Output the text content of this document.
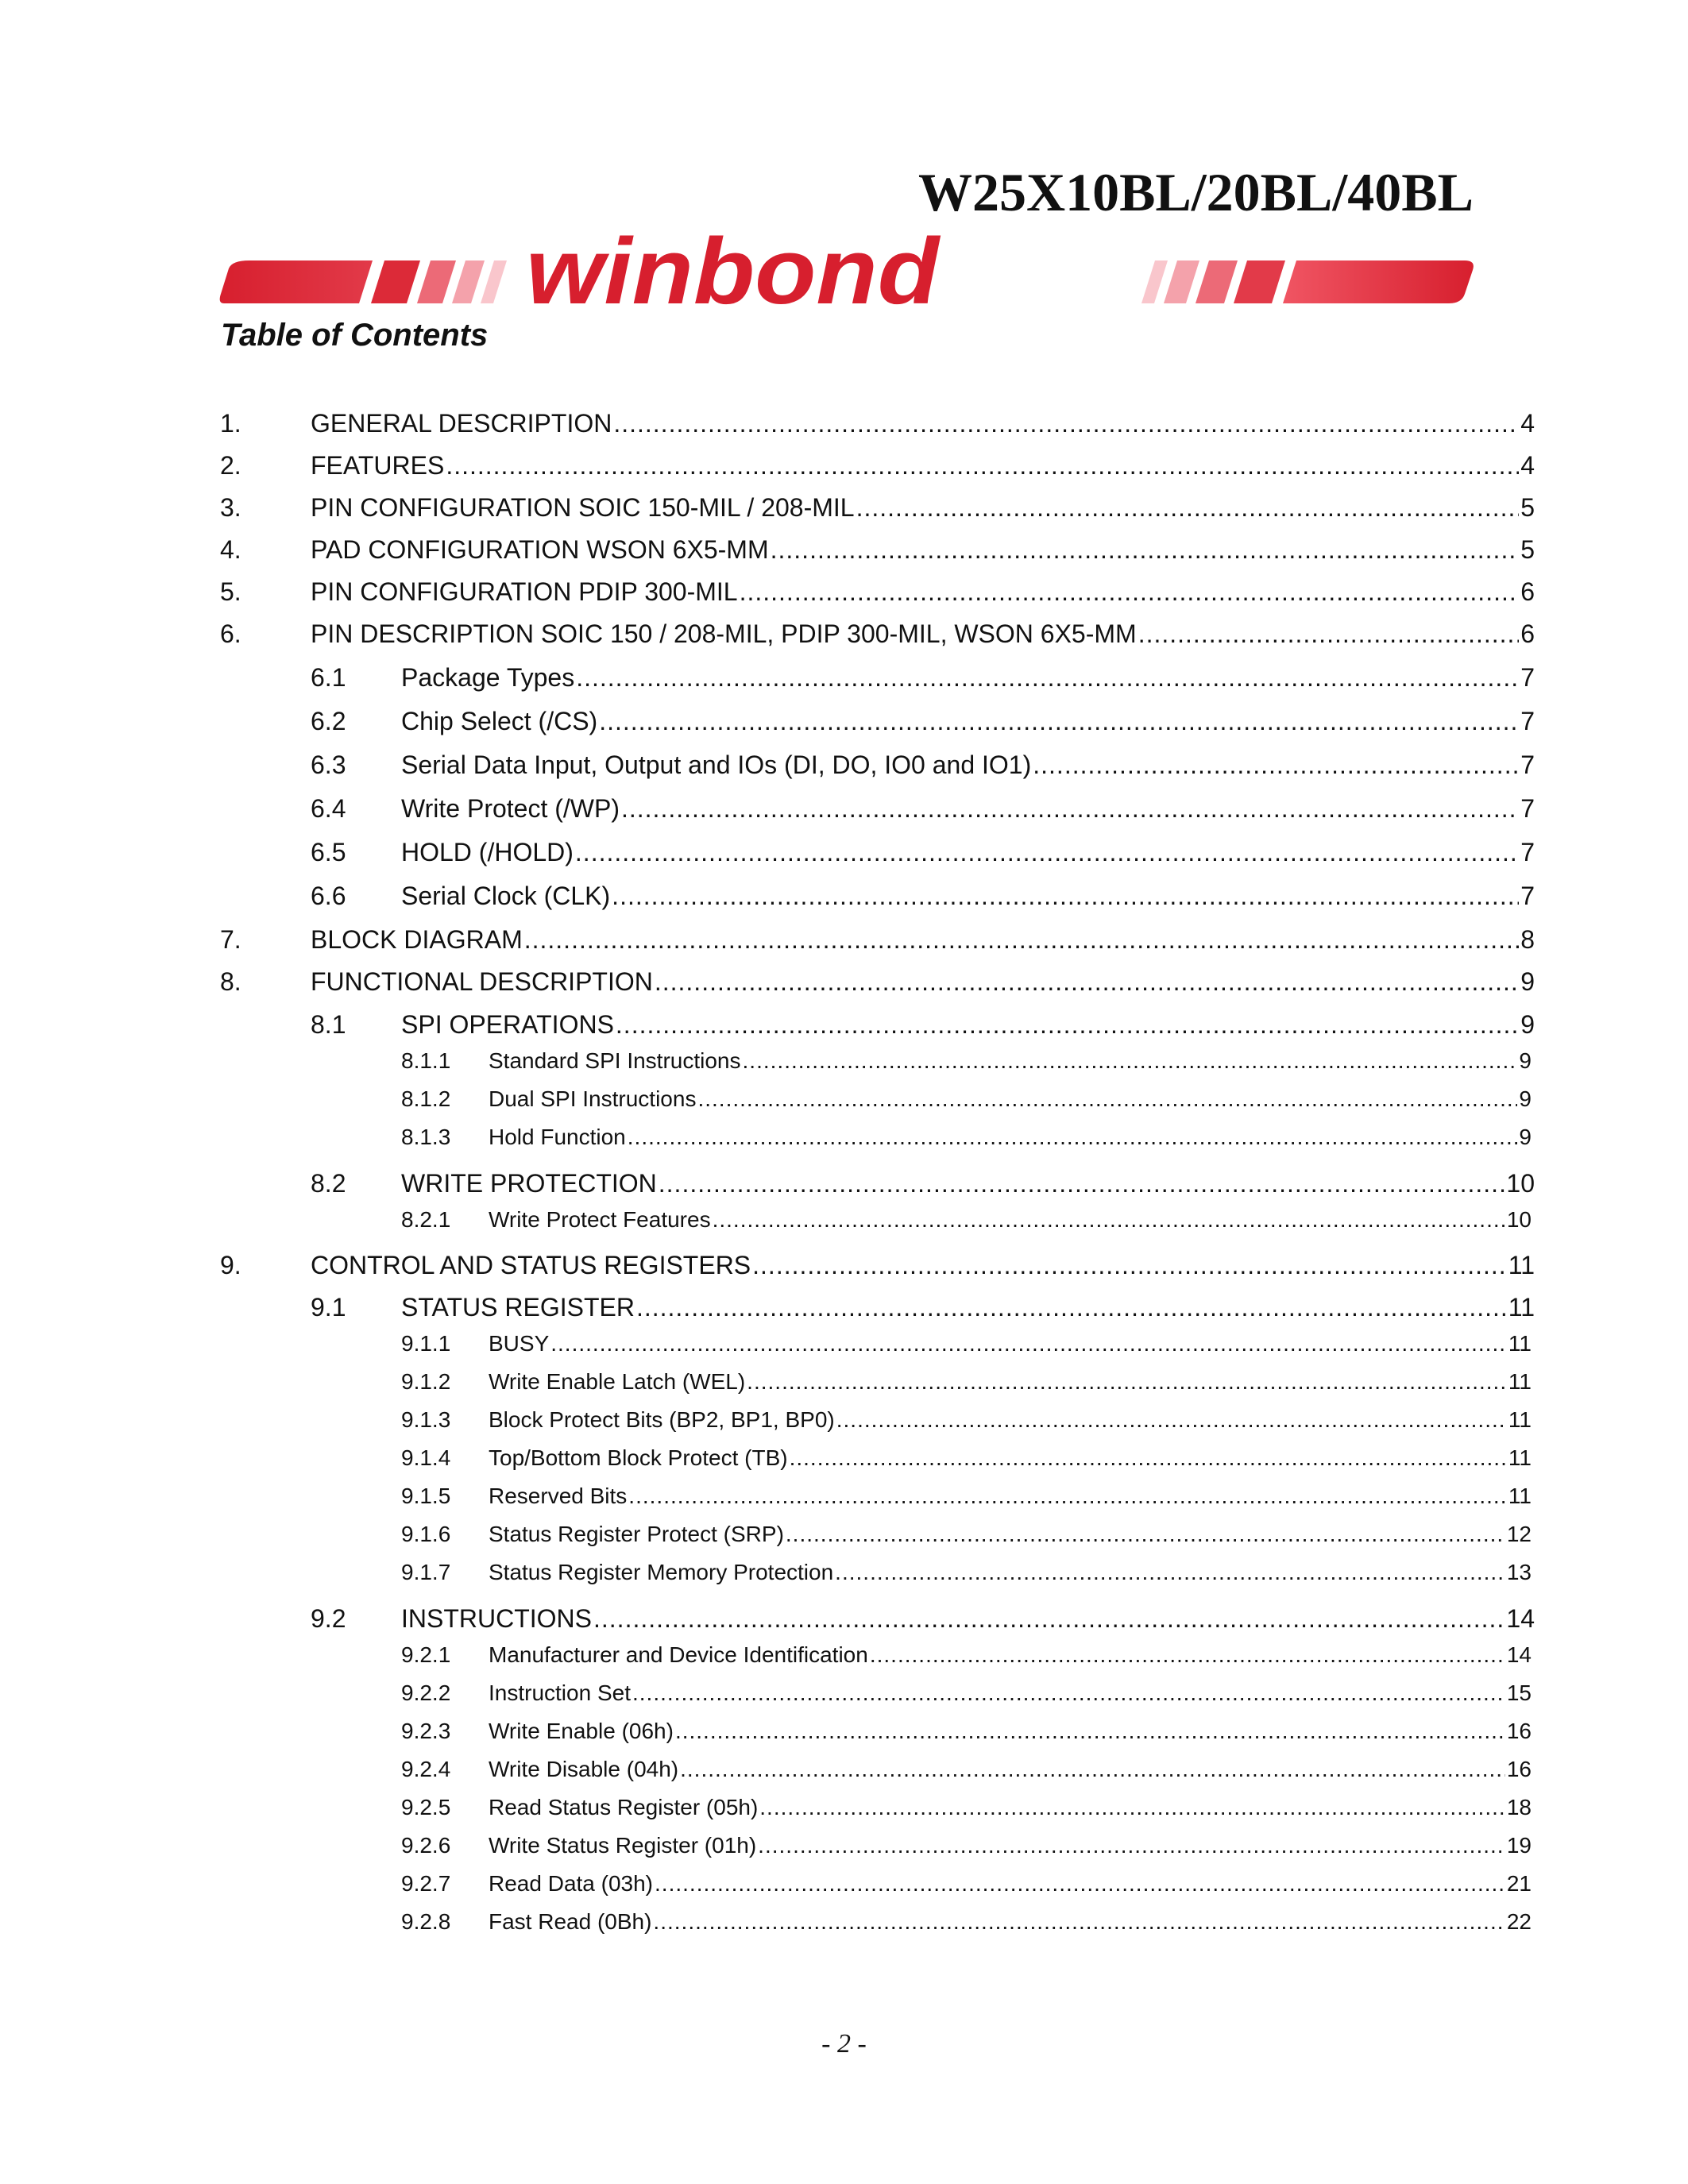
W25X10BL/20BL/40BL
winbond
Table of Contents
1.	GENERAL DESCRIPTION .....	4
2.	FEATURES .....	4
3.	PIN CONFIGURATION SOIC 150-MIL / 208-MIL .....	5
4.	PAD CONFIGURATION WSON 6X5-MM .....	5
5.	PIN CONFIGURATION PDIP 300-MIL .....	6
6.	PIN DESCRIPTION SOIC 150 / 208-MIL, PDIP 300-MIL, WSON 6X5-MM .....	6
6.1 Package Types .....	7
6.2 Chip Select (/CS) .....	7
6.3 Serial Data Input, Output and IOs (DI, DO, IO0 and IO1) .....	7
6.4 Write Protect (/WP) .....	7
6.5 HOLD (/HOLD) .....	7
6.6 Serial Clock (CLK) .....	7
7.	BLOCK DIAGRAM .....	8
8.	FUNCTIONAL DESCRIPTION .....	9
8.1 SPI OPERATIONS .....	9
8.1.1 Standard SPI Instructions .....	9
8.1.2 Dual SPI Instructions .....	9
8.1.3 Hold Function .....	9
8.2 WRITE PROTECTION .....	10
8.2.1 Write Protect Features .....	10
9.	CONTROL AND STATUS REGISTERS .....	11
9.1 STATUS REGISTER .....	11
9.1.1 BUSY .....	11
9.1.2 Write Enable Latch (WEL) .....	11
9.1.3 Block Protect Bits (BP2, BP1, BP0) .....	11
9.1.4 Top/Bottom Block Protect (TB) .....	11
9.1.5 Reserved Bits .....	11
9.1.6 Status Register Protect (SRP) .....	12
9.1.7 Status Register Memory Protection .....	13
9.2 INSTRUCTIONS .....	14
9.2.1 Manufacturer and Device Identification .....	14
9.2.2 Instruction Set .....	15
9.2.3 Write Enable (06h) .....	16
9.2.4 Write Disable (04h) .....	16
9.2.5 Read Status Register (05h) .....	18
9.2.6 Write Status Register (01h) .....	19
9.2.7 Read Data (03h) .....	21
9.2.8 Fast Read (0Bh) .....	22
- 2 -
